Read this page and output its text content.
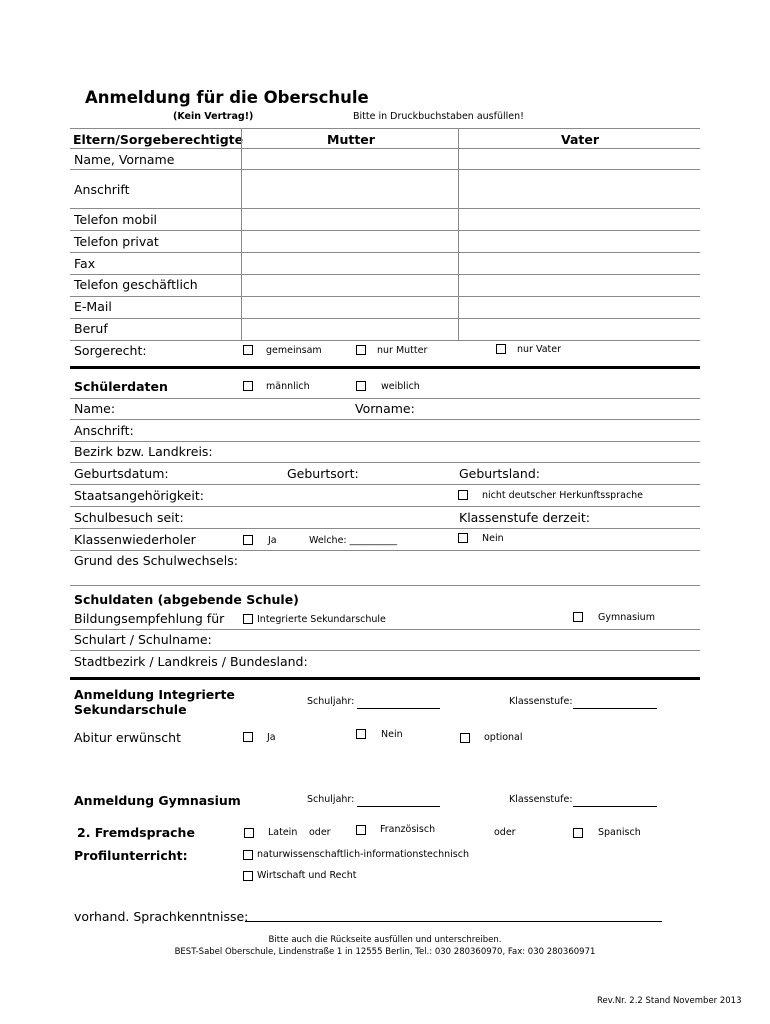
Anmeldung für die Oberschule
(Kein Vertrag!)	Bitte in Druckbuchstaben ausfüllen!
Eltern/Sorgeberechtigte	Mutter	Vater
Name, Vorname
Anschrift
Telefon mobil
Telefon privat
Fax
Telefon geschäftlich
E-Mail
Beruf
Sorgerecht:	gemeinsam	nur Mutter	nur Vater
Schülerdaten	männlich	weiblich
Name:	Vorname:
Anschrift:
Bezirk bzw. Landkreis:
Geburtsdatum:	Geburtsort:	Geburtsland:
Staatsangehörigkeit:	nicht deutscher Herkunftssprache
Schulbesuch seit:	Klassenstufe derzeit:
Klassenwiederholer	Ja	Welche: __________	Nein
Grund des Schulwechsels:
Schuldaten (abgebende Schule)
Bildungsempfehlung für	Integrierte Sekundarschule	Gymnasium
Schulart / Schulname:
Stadtbezirk / Landkreis / Bundesland:
Anmeldung Integrierte
Sekundarschule
Schuljahr:	Klassenstufe:
Abitur erwünscht	Ja	Nein	optional
Anmeldung Gymnasium	Schuljahr:	Klassenstufe:
2. Fremdsprache	Latein oder	Französisch	oder	Spanisch
Profilunterricht:	naturwissenschaftlich-informationstechnisch
Wirtschaft und Recht
vorhand. Sprachkenntnisse:
Bitte auch die Rückseite ausfüllen und unterschreiben.
BEST-Sabel Oberschule, Lindenstraße 1 in 12555 Berlin, Tel.: 030 280360970, Fax: 030 280360971
Rev.Nr. 2.2 Stand November 2013
